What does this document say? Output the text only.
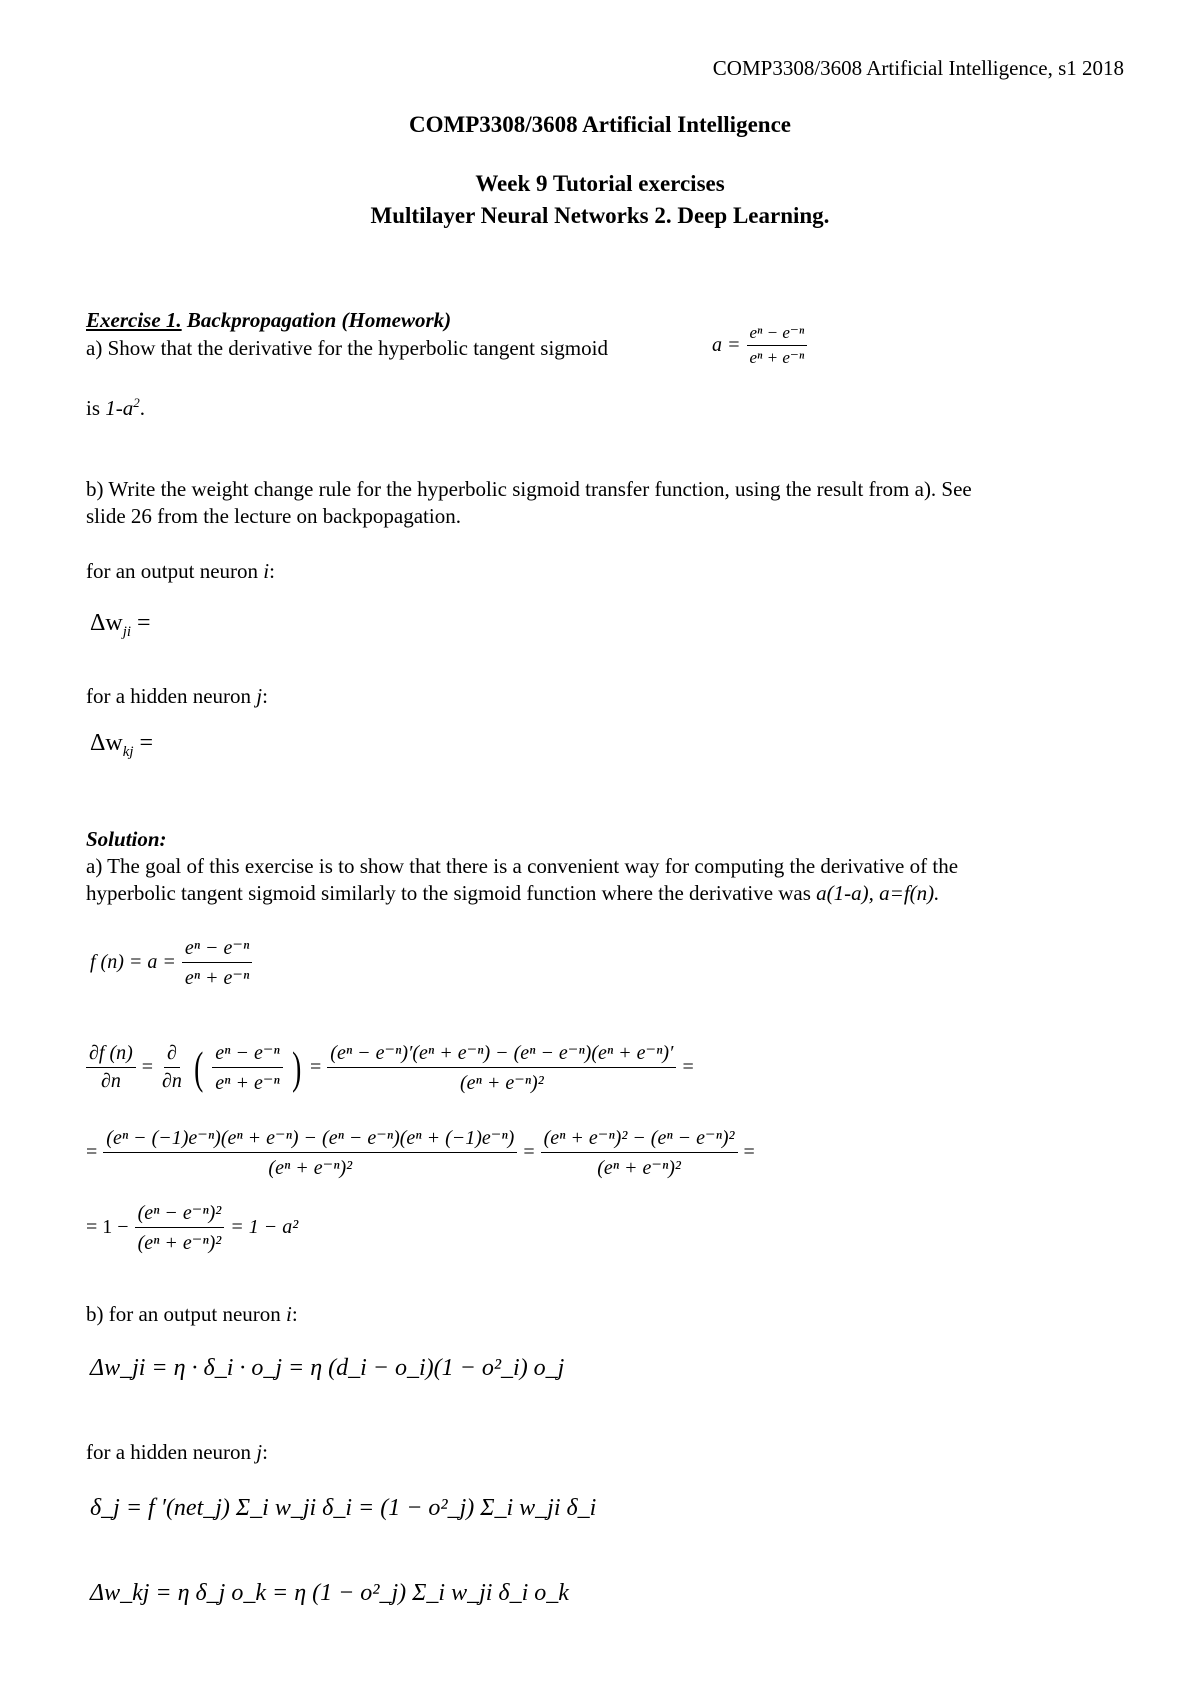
COMP3308/3608 Artificial Intelligence, s1 2018
COMP3308/3608 Artificial Intelligence
Week 9 Tutorial exercises
Multilayer Neural Networks 2. Deep Learning.
Exercise 1. Backpropagation (Homework)
a) Show that the derivative for the hyperbolic tangent sigmoid	$a = \frac{\text{eⁿ − e⁻ⁿ}}{\text{eⁿ + e⁻ⁿ}}$
is $1-a^2$.
b) Write the weight change rule for the hyperbolic sigmoid transfer function, using the result from a). See
slide 26 from the lecture on backpopagation.
for an output neuron i:
$\Delta w_{ji}$ =
for a hidden neuron j:
$\Delta w_{kj}$ =
Solution:
a) The goal of this exercise is to show that there is a convenient way for computing the derivative of the
hyperbolic tangent sigmoid similarly to the sigmoid function where the derivative was a(1-a), a=f(n).
f $(n) = a = \frac{\text{eⁿ − e⁻ⁿ}}{\text{eⁿ + e⁻ⁿ}}$
$\frac{\partial f (n)}{\partial n} = \frac{\partial}{\partial n}$ ( $\frac{\text{eⁿ − e⁻ⁿ}}{\text{eⁿ + e⁻ⁿ}}$ ) = $\frac{\text{(eⁿ − e⁻ⁿ)′(eⁿ + e⁻ⁿ) − (eⁿ − e⁻ⁿ)(eⁿ + e⁻ⁿ)′}}{\text{(eⁿ + e⁻ⁿ)²}}$ =
= $\frac{\text{(eⁿ − (−1)e⁻ⁿ)(eⁿ + e⁻ⁿ) − (eⁿ − e⁻ⁿ)(eⁿ + (−1)e⁻ⁿ)}}{\text{(eⁿ + e⁻ⁿ)²}} = \frac{\text{(eⁿ + e⁻ⁿ)² − (eⁿ − e⁻ⁿ)²}}{\text{(eⁿ + e⁻ⁿ)²}}$ =
= $1 - \frac{\text{(eⁿ − e⁻ⁿ)²}}{\text{(eⁿ + e⁻ⁿ)²}} = 1 - a^2$
b) for an output neuron i:
Δw_ji = η · δ_i · o_j = η (d_i − o_i)(1 − o²_i) o_j
for a hidden neuron j:
δ_j = f ′(net_j) Σ_i w_ji δ_i = (1 − o²_j) Σ_i w_ji δ_i
Δw_kj = η δ_j o_k = η (1 − o²_j) Σ_i w_ji δ_i o_k
